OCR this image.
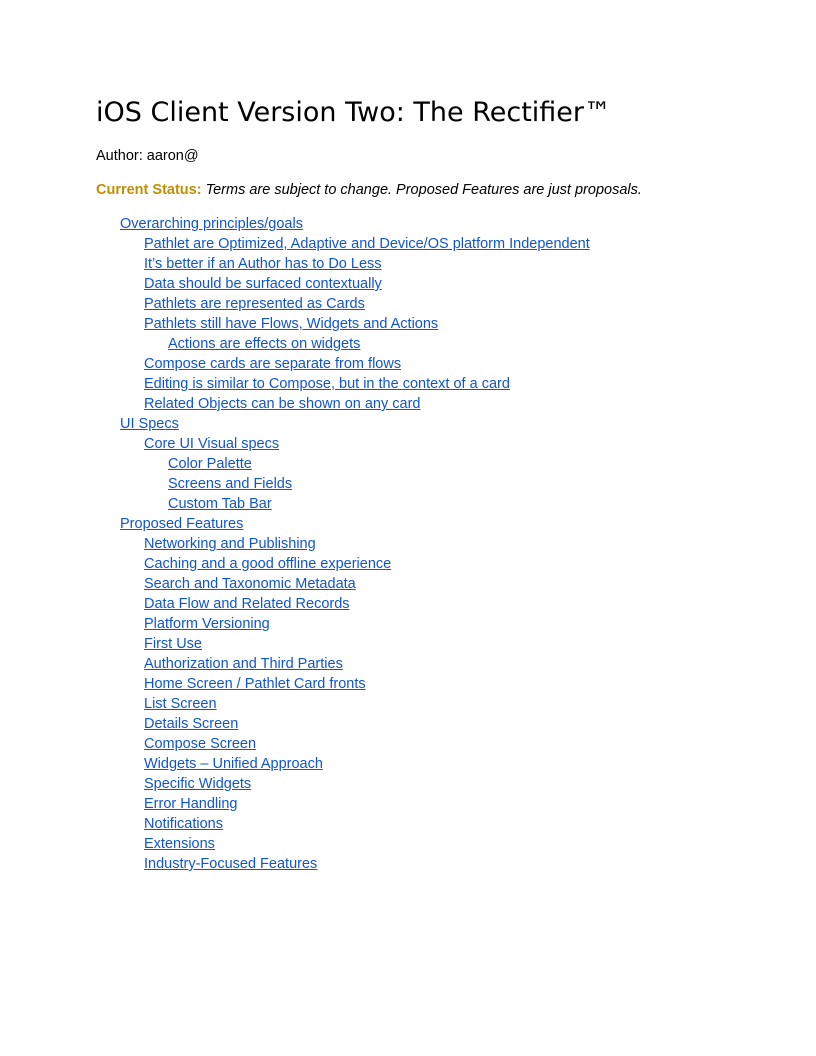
iOS Client Version Two: The Rectifier™
Author: aaron@
Current Status: Terms are subject to change. Proposed Features are just proposals.
Overarching principles/goals
Pathlet are Optimized, Adaptive and Device/OS platform Independent
It’s better if an Author has to Do Less
Data should be surfaced contextually
Pathlets are represented as Cards
Pathlets still have Flows, Widgets and Actions
Actions are effects on widgets
Compose cards are separate from flows
Editing is similar to Compose, but in the context of a card
Related Objects can be shown on any card
UI Specs
Core UI Visual specs
Color Palette
Screens and Fields
Custom Tab Bar
Proposed Features
Networking and Publishing
Caching and a good offline experience
Search and Taxonomic Metadata
Data Flow and Related Records
Platform Versioning
First Use
Authorization and Third Parties
Home Screen / Pathlet Card fronts
List Screen
Details Screen
Compose Screen
Widgets – Unified Approach
Specific Widgets
Error Handling
Notifications
Extensions
Industry-Focused Features
